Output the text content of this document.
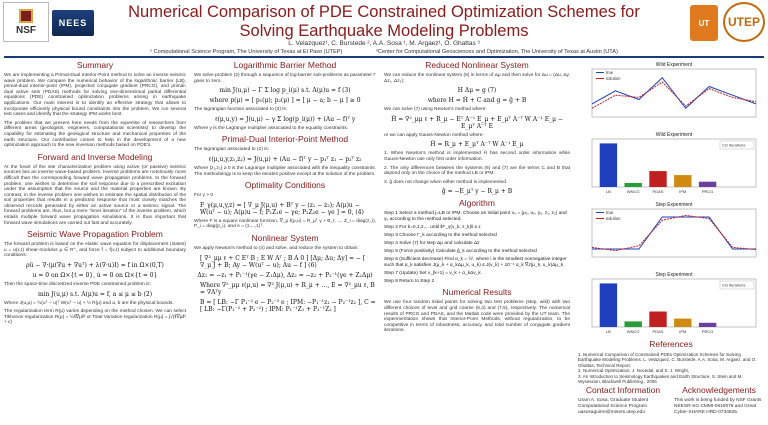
NSF
NEES	UT	UTEP
Numerical Comparison of PDE Constrained Optimization Schemes for
Solving Earthquake Modeling Problems
L. Velazquez¹, C. Burstede ², A.A. Sosa ¹, M. Argaez¹, O. Ghattas ³
¹ Computational Science Program, The University of Texas at El Paso (UTEP)	²Center for Computational Geosciences and Optimization, The University of Texas at Austin (UTA)
Summary
We are implementing a Primal-Dual Interior-Point method to solve an inverse seismic wave problem. We compare the numerical behavior of the logarithmic barrier (LB), primal-dual interior-point (IPM), projected conjugate gradient (PRCG), and primal-dual active sets (PDAS) methods for solving one-dimensional partial differential equations (PDE) constrained optimization problems arising in earthquake applications. Our main interest is to identify an effective strategy that allows to incorporate efficiently physical bound constraints into the problem. We run several test cases and identify that the strategy IPM works best.
The problem that we present here needs from the expertise of researchers from different areas (geologists, engineers, computational scientists) to develop the capability for estimating the geological structure and mechanical properties of the earth structure. Our contribution comes to help in the development of a new optimization approach to the new inversion methods based on PDE's.
Forward and Inverse Modeling
At the heart of the site characterization problem using active (or passive) seismic sources lies an inverse wave-based problem. Inverse problems are notoriously more difficult than the corresponding forward wave propagation problems. In the forward problem, one wishes to determine the soil response due to a prescribed excitation under the assumption that the source and the material properties are known. By contrast, in the inverse problem one wishes to estimate the spatial distribution of the soil properties that results in a predicted response that most closely matches the observed records generated by either an active source or a seismic signal. The forward problems are, thus, but a mere "inner iteration" of the inverse problem, which entails multiple forward wave propagation simulations. It is thus important that forward wave simulations are carried out fast and accurately.
Seismic Wave Propagation Problem
The forward problem is based on the elastic wave equation for displacement (states) u = u(x,t) shear-modulus μ ∈ R⁺, and force f = f(x,t) subject to additional boundary conditions:
ρü − ∇·(μ(∇u + ∇uᵀ) + λ(∇·u)I) = f in Ω×(0,T)
u = 0 on Ω×{t = 0}, u̇ = 0 on Ω×{t = 0}
Then the space-time discretized inverse PDE constrained problem is:
min J(u,μ) s.t. A(μ)u = f, a ≤ μ ≤ b (2)
Where J(u,μ) = ½(uᵀ − u)ᵀ W(uᵀ − u) + ½ R(μ) and a, b are the physical bounds.
The regularization term R(μ) varies depending on the method chosen. We can select Tikhonov regularization R(μ) = ½‖∇μ‖² or Total Variation regularization R(μ) = ∫√(‖∇μ‖² + ε)
Logarithmic Barrier Method
We solve problem (2) through a sequence of log-barrier sub-problems as parameter Γ goes to zero.
min J(u,μ) − Γ Σ log p_i(μ) s.t. A(μ)u = f (3)
where p(μ) = [ p₁(μ); p₂(μ) ] = [ μ − a; b − μ ] ≥ 0
The lagrangian function associated to (3) is:
ℓ(μ,u,y) = J(u,μ) − γ Σ log(p_i(μ)) + (Au − f)ᵀ y
Where y is the Lagrange multiplier associated to the equality constraints.
Primal-Dual Interior-Point Method
The lagrangian associated to (2) is:
ℓ(μ,u,y,z₁,z₂) = J(u,μ) + (Au − f)ᵀ y − p₁ᵀ z₁ − p₂ᵀ z₂
Where {z₁,z₂} ≥ 0 is the Lagrange multiplier associated with the inequality constraints. The methodology is to keep the iterates positive except at the solution of the problem.
Optimality Conditions
For γ > 0
F_γ(μ,u,y,z) = [ ∇_μ J(μ,u) + Bᵀ y − (z₁ − z₂); A(μ)u − W(uᵀ − u); A(μ)u − f; P₁Z₁e − γe; P₂Z₂e − γe ] = 0, (4)
Where F is a square nonlinear function, ∇_μ ℓ(μ,u) = R_μᵀ γ + B_r, ..., Z_i = diag(z_i), P_i = diag(p_i), and e = (1,...,1)ᵀ.
Nonlinear System
We apply Newton's method to (4) and solve, and reduce the system to obtain:
[ ∇²_μμ ℓ + C Eᵀ B ; E W Aᵀ ; B A 0 ] [Δμ; Δu; Δy] = − [ ∇_μ J + B; Ay − W(uᵀ − u); Au − f ] (6)
Δz₁ = −z₁ + P₁⁻¹(γe − Z₁Δμ), Δz₂ = −z₂ + P₂⁻¹(γe + Z₂Δμ)
Where ∇²_μμ ℓ(μ,u) = ∇² J(μ,u) + R_μ + ..., E = ∇²_μu ℓ, B = ∇Aᵀy
B = [ LB: −Γ P₁⁻² e − P₂⁻² e ; IPM: −P₁⁻¹z₁ − P₂⁻¹z₂ ], C = [ LB: −Γ(P₁⁻² + P₂⁻²) ; IPM: P₁⁻¹Z₁ + P₂⁻¹Z₂ ]
Reduced Nonlinear System
We can reduce the nonlinear system (6) in terms of Δμ and then solve for Δu = (Δu, Δy, Δz₁, Δz₂):
H Δμ = g (7)
where H = Ĥ + C and g = ĝ + B
We can solve (7) using Newton's method where:
Ĥ = ∇²_μμ ℓ + R_μ − Eᵀ A⁻¹ E_μ + E_μᵀ A⁻ᵀ W A⁻¹ E_μ − E_μᵀ A⁻ᵀ E
or we can apply Gauss-Newton method where:
Ĥ = R_μ + E_μᵀ A⁻ᵀ W A⁻¹ E_μ
1. When Newton's method is implemented Ĥ has second order information while Gauss-Newton use only first order information.
2. The only differences between the systems (6) and (7) are the terms C and B that depend only on the choice of the method LB or IPM.
3. ĝ does not change when either method is implemented
ĝ = −E_μᵀ y − R_μ + B
Algorithm
Step 1 Select a method j=LB or IPM. Choose an initial point v₀ = (μ₀, u₀, y₀, z₁, z₂) and γ₀ according to the method selected.
Step 2 For k=0,1,2,... until ‖F_γ(v_k, z_k)‖ ≤ ε
Step 3 Choose Γ_k according to the method selected
Step 4 Solve (7) for step Δμ and calculate Δz
Step 5 (Force positivity) Calculate ĝ_k according to the method selected
Step 6 (Sufficient decrease) Find α_k = ½ⁱ, where i is the smallest nonnegative integer such that α_k satisfies J(μ_k + α_kΔμ_k, u_k) ≤ J(v_k) + 10⁻⁴ α_k ∇J(μ_k, u_k)Δμ_k
Step 7 (Update) Set v_{k+1} = v_k + α_kΔv_k
Step 8 Return to Step 2
Numerical Results
We use four random initial points for solving two test problems (step, wild) with two different choices of level and grid coarse (6,3) and (7,5), respectively. The numerical results of PRCG and PDAS, and the Matlab code were provided by the UT team. The experimentation shows that Interior-Point Methods, without regularization, to be competitive in terms of robustness, accuracy, and total number of conjugate gradient iterations.
Wild Experiment
true
solution
Wild Experiment
LB	WNCG	PDAS	IPM	PRCG
CG iterations
Step Experiment
true
solution
Step Experiment
LB	WNCG	PDAS	IPM	PRCG
CG iterations
References
1. Numerical Comparison of Constrained PDEs Optimization Schemes for Solving Earthquake Modeling Problems. L. Velazquez, C. Burstede, A.A. Sosa, M. Argaez, and O. Ghattas, Technical Report.
2. Numerical Optimization. J. Nocedal, and S. J. Wright,
3. An Introduction to Seismology Earthquakes and Earth Structure, S. Stein and M. Wysession, Blackwell Publishing., 2006
Contact Information
Uram A. Sosa, Graduate Student
Computational Science Program
uasosaguirre@miners.utep.edu
Acknowledgements
This work is being funded by NSF Grants
NEESR-SG CMMI-0619078 and Great
Cyber-SHARE HRD-0734825.
